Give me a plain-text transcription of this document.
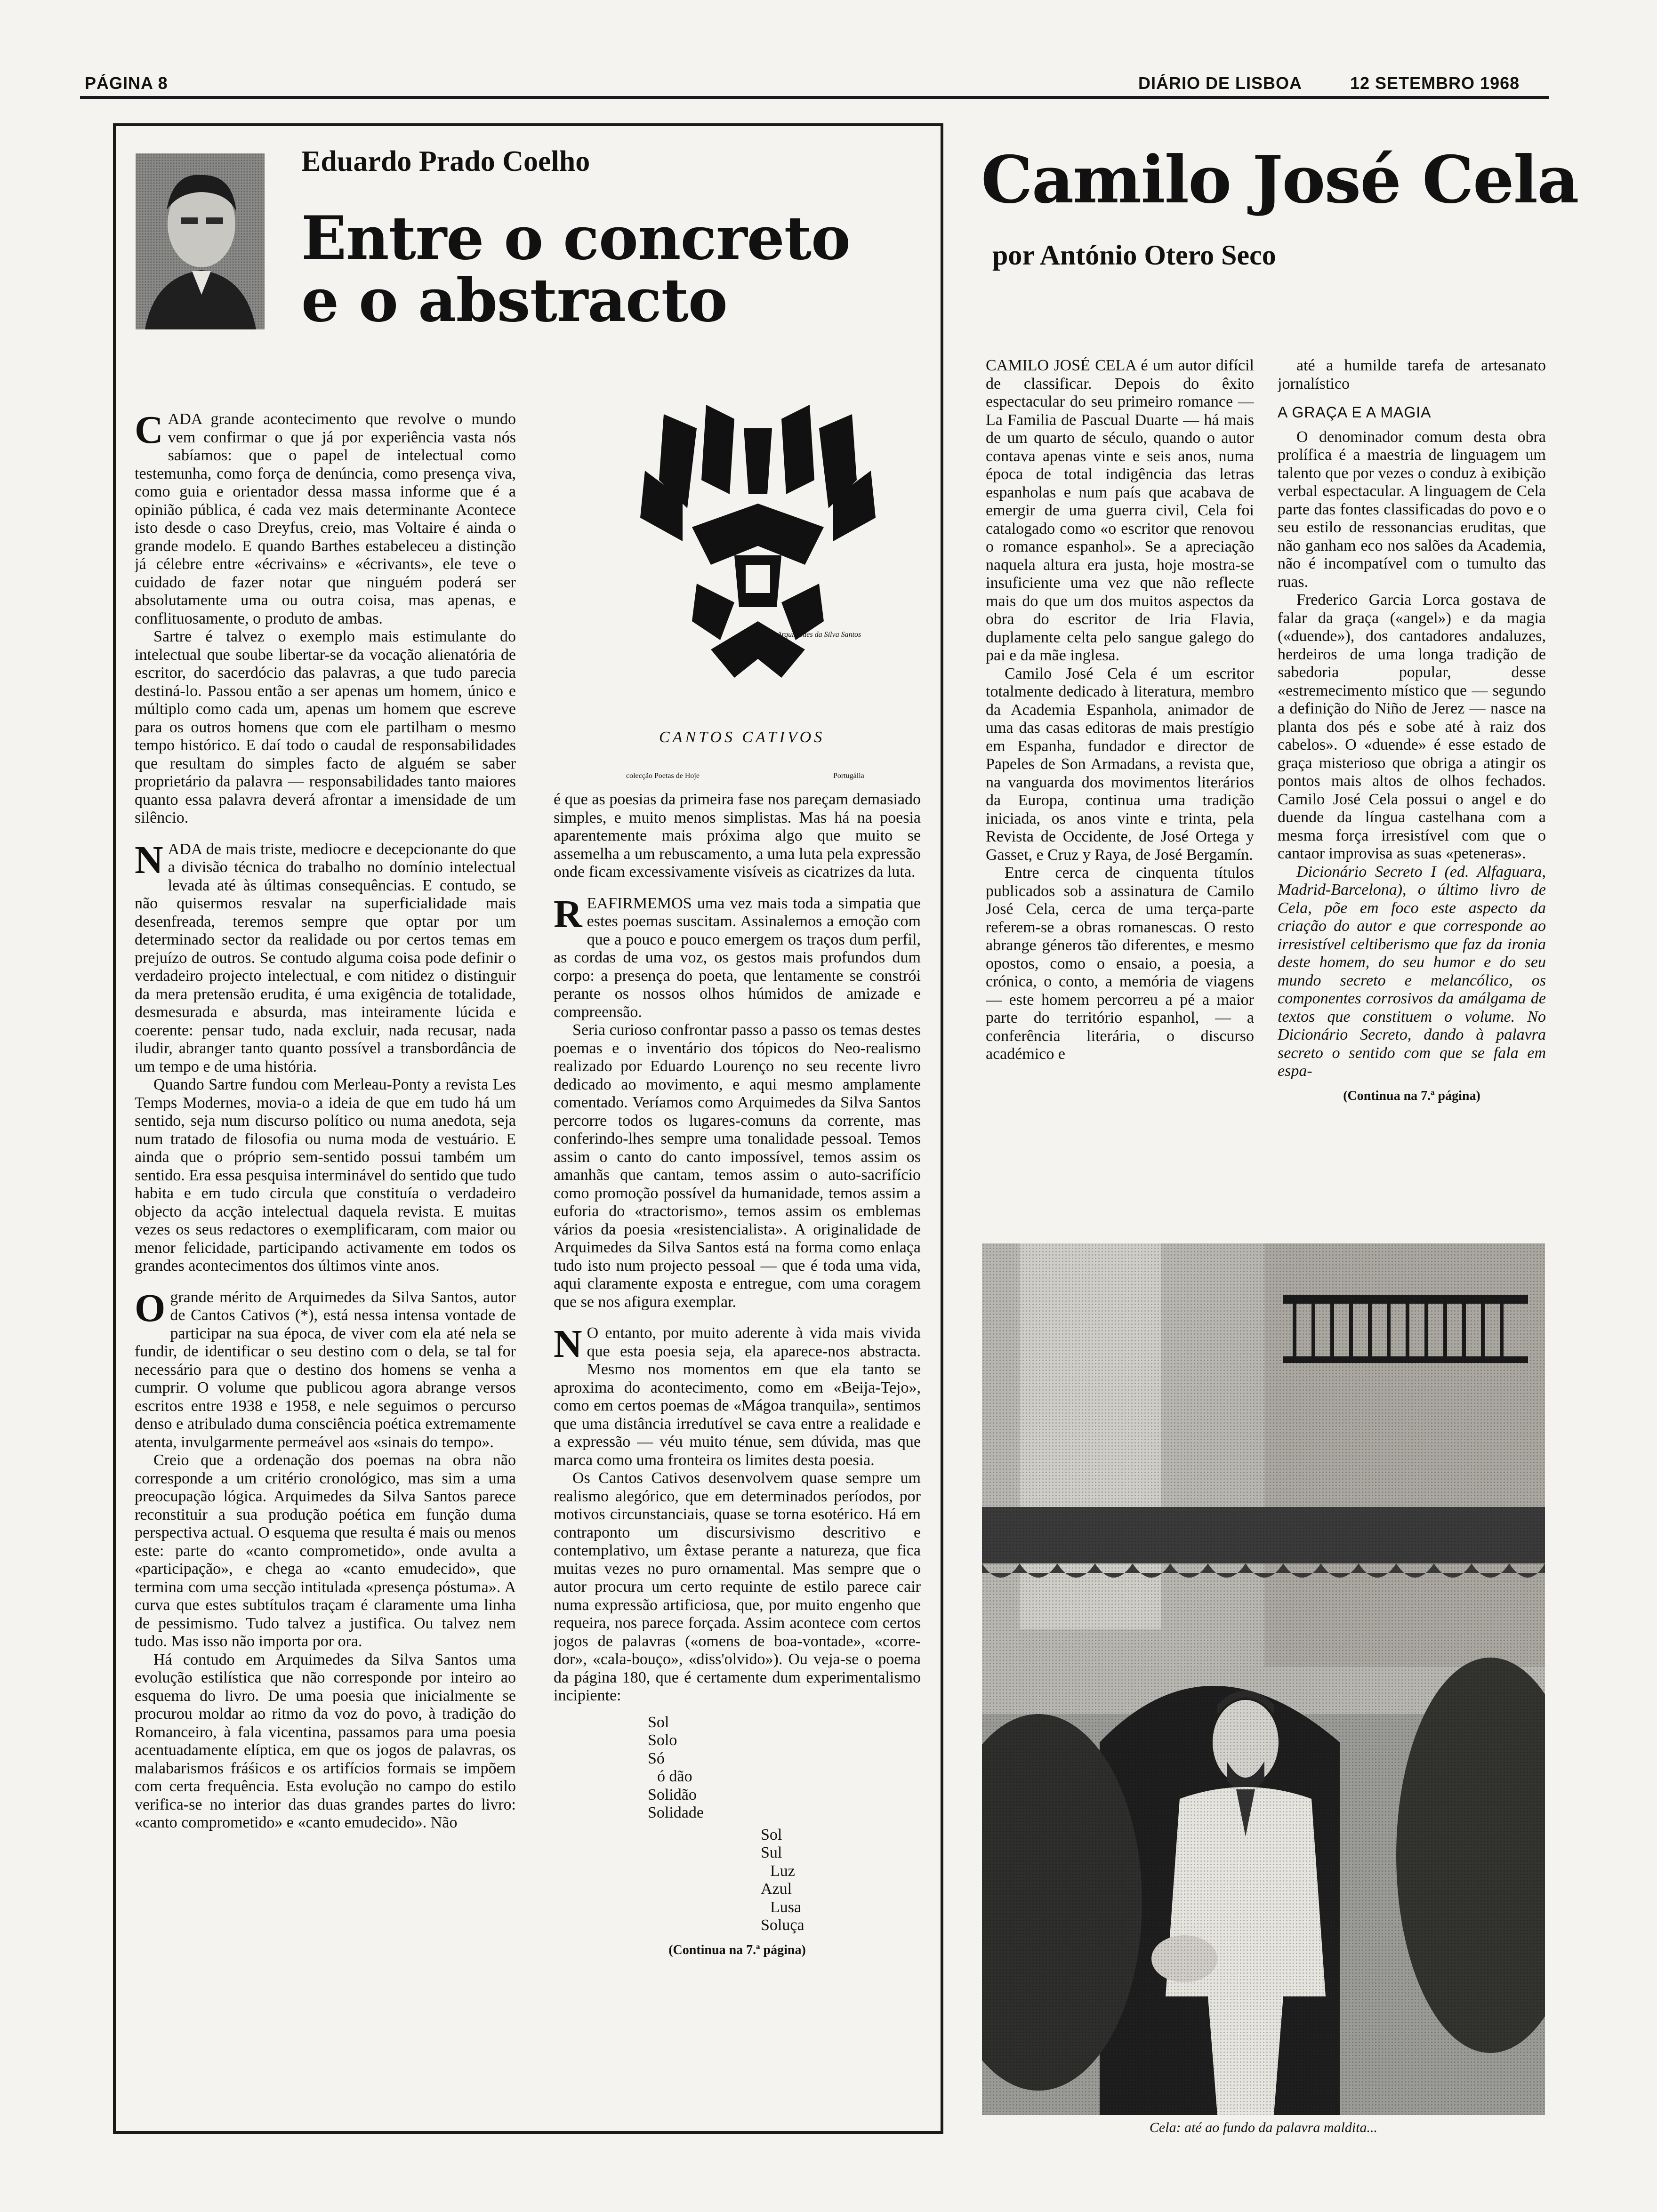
PÁGINA 8	DIÁRIO DE LISBOA	12 SETEMBRO 1968
Eduardo Prado Coelho
Entre o concreto
e o abstracto

CADA grande acontecimento que revolve o mundo vem confirmar o que já por experiência vasta nós sabíamos: que o papel de intelectual como testemunha, como força de denúncia, como presença viva, como guia e orientador dessa massa informe que é a opinião pública, é cada vez mais determinante Acontece isto desde o caso Dreyfus, creio, mas Voltaire é ainda o grande modelo. E quando Barthes estabeleceu a distinção já célebre entre «écrivains» e «écrivants», ele teve o cuidado de fazer notar que ninguém poderá ser absolutamente uma ou outra coisa, mas apenas, e conflituosamente, o produto de ambas.

Sartre é talvez o exemplo mais estimulante do intelectual que soube libertar-se da vocação alienatória de escritor, do sacerdócio das palavras, a que tudo parecia destiná-lo. Passou então a ser apenas um homem, único e múltiplo como cada um, apenas um homem que escreve para os outros homens que com ele partilham o mesmo tempo histórico. E daí todo o caudal de responsabilidades que resultam do simples facto de alguém se saber proprietário da palavra — responsabilidades tanto maiores quanto essa palavra deverá afrontar a imensidade de um silêncio.

NADA de mais triste, mediocre e decepcionante do que a divisão técnica do trabalho no domínio intelectual levada até às últimas consequências. E contudo, se não quisermos resvalar na superficialidade mais desenfreada, teremos sempre que optar por um determinado sector da realidade ou por certos temas em prejuízo de outros. Se contudo alguma coisa pode definir o verdadeiro projecto intelectual, e com nitidez o distinguir da mera pretensão erudita, é uma exigência de totalidade, desmesurada e absurda, mas inteiramente lúcida e coerente: pensar tudo, nada excluir, nada recusar, nada iludir, abranger tanto quanto possível a transbordância de um tempo e de uma história.

Quando Sartre fundou com Merleau-Ponty a revista Les Temps Modernes, movia-o a ideia de que em tudo há um sentido, seja num discurso político ou numa anedota, seja num tratado de filosofia ou numa moda de vestuário. E ainda que o próprio sem-sentido possui também um sentido. Era essa pesquisa interminável do sentido que tudo habita e em tudo circula que constituía o verdadeiro objecto da acção intelectual daquela revista. E muitas vezes os seus redactores o exemplificaram, com maior ou menor felicidade, participando activamente em todos os grandes acontecimentos dos últimos vinte anos.

Ogrande mérito de Arquimedes da Silva Santos, autor de Cantos Cativos (*), está nessa intensa vontade de participar na sua época, de viver com ela até nela se fundir, de identificar o seu destino com o dela, se tal for necessário para que o destino dos homens se venha a cumprir. O volume que publicou agora abrange versos escritos entre 1938 e 1958, e nele seguimos o percurso denso e atribulado duma consciência poética extremamente atenta, invulgarmente permeável aos «sinais do tempo».

Creio que a ordenação dos poemas na obra não corresponde a um critério cronológico, mas sim a uma preocupação lógica. Arquimedes da Silva Santos parece reconstituir a sua produção poética em função duma perspectiva actual. O esquema que resulta é mais ou menos este: parte do «canto comprometido», onde avulta a «participação», e chega ao «canto emudecido», que termina com uma secção intitulada «presença póstuma». A curva que estes subtítulos traçam é claramente uma linha de pessimismo. Tudo talvez a justifica. Ou talvez nem tudo. Mas isso não importa por ora.

Há contudo em Arquimedes da Silva Santos uma evolução estilística que não corresponde por inteiro ao esquema do livro. De uma poesia que inicialmente se procurou moldar ao ritmo da voz do povo, à tradição do Romanceiro, à fala vicentina, passamos para uma poesia acentuadamente elíptica, em que os jogos de palavras, os malabarismos fráśicos e os artifícios formais se impõem com certa frequência. Esta evolução no campo do estilo verifica-se no interior das duas grandes partes do livro: «canto comprometido» e «canto emudecido». Não

Arquimedes da Silva Santos
CANTOS CATIVOS
colecção Poetas de Hoje	Portugália

é que as poesias da primeira fase nos pareçam demasiado simples, e muito menos simplistas. Mas há na poesia aparentemente mais próxima algo que muito se assemelha a um rebuscamento, a uma luta pela expressão onde ficam excessivamente visíveis as cicatrizes da luta.

REAFIRMEMOS uma vez mais toda a simpatia que estes poemas suscitam. Assinalemos a emoção com que a pouco e pouco emergem os traços dum perfil, as cordas de uma voz, os gestos mais profundos dum corpo: a presença do poeta, que lentamente se constrói perante os nossos olhos húmidos de amizade e compreensão.

Seria curioso confrontar passo a passo os temas destes poemas e o inventário dos tópicos do Neo-realismo realizado por Eduardo Lourenço no seu recente livro dedicado ao movimento, e aqui mesmo amplamente comentado. Veríamos como Arquimedes da Silva Santos percorre todos os lugares-comuns da corrente, mas conferindo-lhes sempre uma tonalidade pessoal. Temos assim o canto do canto impossível, temos assim os amanhãs que cantam, temos assim o auto-sacrifício como promoção possível da humanidade, temos assim a euforia do «tractorismo», temos assim os emblemas vários da poesia «resistencialista». A originalidade de Arquimedes da Silva Santos está na forma como enlaça tudo isto num projecto pessoal — que é toda uma vida, aqui claramente exposta e entregue, com uma coragem que se nos afigura exemplar.

N O entanto, por muito aderente à vida mais vivida que esta poesia seja, ela aparece-nos abstracta. Mesmo nos momentos em que ela tanto se aproxima do acontecimento, como em «Beija-Tejo», como em certos poemas de «Mágoa tranquila», sentimos que uma distância irredutível se cava entre a realidade e a expressão — véu muito ténue, sem dúvida, mas que marca como uma fronteira os limites desta poesia.

Os Cantos Cativos desenvolvem quase sempre um realismo alegórico, que em determinados períodos, por motivos circunstanciais, quase se torna esotérico. Há em contraponto um discursivismo descritivo e contemplativo, um êxtase perante a natureza, que fica muitas vezes no puro ornamental. Mas sempre que o autor procura um certo requinte de estilo parece cair numa expressão artificiosa, que, por muito engenho que requeira, nos parece forçada. Assim acontece com certos jogos de palavras («omens de boa-vontade», «corre-dor», «cala-bouço», «diss'olvido»). Ou veja-se o poema da página 180, que é certamente dum experimentalismo incipiente:

Sol
Solo
Só
ó dão
Solidão
Solidade
Sol
Sul
Luz
Azul
Lusa
Soluça
(Continua na 7.ª página)
Camilo José Cela
por António Otero Seco

CAMILO JOSÉ CELA é um autor difícil de classificar. Depois do êxito espectacular do seu primeiro romance — La Familia de Pascual Duarte — há mais de um quarto de século, quando o autor contava apenas vinte e seis anos, numa época de total indigência das letras espanholas e num país que acabava de emergir de uma guerra civil, Cela foi catalogado como «o escritor que renovou o romance espanhol». Se a apreciação naquela altura era justa, hoje mostra-se insuficiente uma vez que não reflecte mais do que um dos muitos aspectos da obra do escritor de Iria Flavia, duplamente celta pelo sangue galego do pai e da mãe inglesa.

Camilo José Cela é um escritor totalmente dedicado à literatura, membro da Academia Espanhola, animador de uma das casas editoras de mais prestígio em Espanha, fundador e director de Papeles de Son Armadans, a revista que, na vanguarda dos movimentos literários da Europa, continua uma tradição iniciada, os anos vinte e trinta, pela Revista de Occidente, de José Ortega y Gasset, e Cruz y Raya, de José Bergamín.

Entre cerca de cinquenta títulos publicados sob a assinatura de Camilo José Cela, cerca de uma terça-parte referem-se a obras romanescas. O resto abrange géneros tão diferentes, e mesmo opostos, como o ensaio, a poesia, a crónica, o conto, a memória de viagens — este homem percorreu a pé a maior parte do território espanhol, — a conferência literária, o discurso académico e

até a humilde tarefa de artesanato jornalístico

A GRAÇA E A MAGIA

O denominador comum desta obra prolífica é a maestria de linguagem um talento que por vezes o conduz à exibição verbal espectacular. A linguagem de Cela parte das fontes classificadas do povo e o seu estilo de ressonancias eruditas, que não ganham eco nos salões da Academia, não é incompatível com o tumulto das ruas.

Frederico Garcia Lorca gostava de falar da graça («angel») e da magia («duende»), dos cantadores andaluzes, herdeiros de uma longa tradição de sabedoria popular, desse «estremecimento místico que — segundo a definição do Niño de Jerez — nasce na planta dos pés e sobe até à raiz dos cabelos». O «duende» é esse estado de graça misterioso que obriga a atingir os pontos mais altos de olhos fechados. Camilo José Cela possui o angel e do duende da língua castelhana com a mesma força irresistível com que o cantaor improvisa as suas «peteneras».

Dicionário Secreto I (ed. Alfaguara, Madrid-Barcelona), o último livro de Cela, põe em foco este aspecto da criação do autor e que corresponde ao irresistível celtiberismo que faz da ironia deste homem, do seu humor e do seu mundo secreto e melancólico, os componentes corrosivos da amálgama de textos que constituem o volume. No Dicionário Secreto, dando à palavra secreto o sentido com que se fala em espa-

(Continua na 7.ª página)
Cela: até ao fundo da palavra maldita...
